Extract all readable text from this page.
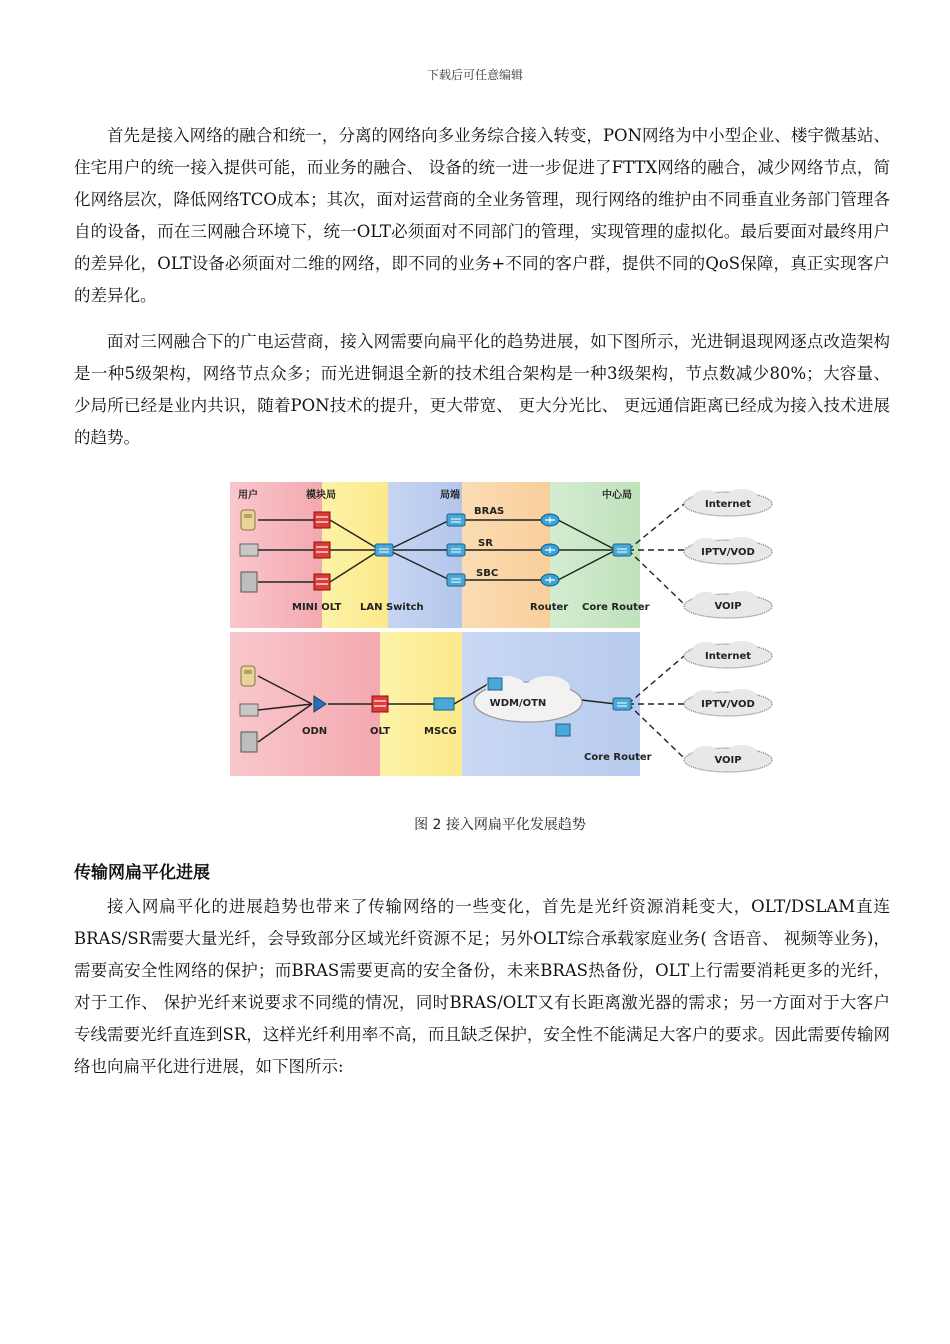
下载后可任意编辑

首先是接入网络的融合和统一，分离的网络向多业务综合接入转变，PON网络为中小型企业、楼宇微基站、 住宅用户的统一接入提供可能，而业务的融合、 设备的统一进一步促进了FTTX网络的融合，减少网络节点，简化网络层次，降低网络TCO成本；其次，面对运营商的全业务管理，现行网络的维护由不同垂直业务部门管理各自的设备，而在三网融合环境下，统一OLT必须面对不同部门的管理，实现管理的虚拟化。最后要面对最终用户的差异化，OLT设备必须面对二维的网络，即不同的业务+不同的客户群，提供不同的QoS保障，真正实现客户的差异化。

面对三网融合下的广电运营商，接入网需要向扁平化的趋势进展，如下图所示，光进铜退现网逐点改造架构是一种5级架构，网络节点众多；而光进铜退全新的技术组合架构是一种3级架构，节点数减少80%；大容量、 少局所已经是业内共识，随着PON技术的提升，更大带宽、 更大分光比、 更远通信距离已经成为接入技术进展的趋势。

用户	模块局	局端	中心局
BRAS
SR
SBC
MINI OLT LAN Switch	Router Core Router
Internet
IPTV/VOD
VOIP
WDM/OTN
ODN	OLT	MSCG
Core Router
Internet
IPTV/VOD
VOIP
图 2 接入网扁平化发展趋势
传输网扁平化进展

接入网扁平化的进展趋势也带来了传输网络的一些变化，首先是光纤资源消耗变大，OLT/DSLAM直连BRAS/SR需要大量光纤，会导致部分区域光纤资源不足；另外OLT综合承载家庭业务( 含语音、 视频等业务)，需要高安全性网络的保护；而BRAS需要更高的安全备份，未来BRAS热备份，OLT上行需要消耗更多的光纤，对于工作、 保护光纤来说要求不同缆的情况，同时BRAS/OLT又有长距离激光器的需求；另一方面对于大客户专线需要光纤直连到SR，这样光纤利用率不高，而且缺乏保护，安全性不能满足大客户的要求。因此需要传输网络也向扁平化进行进展，如下图所示:
